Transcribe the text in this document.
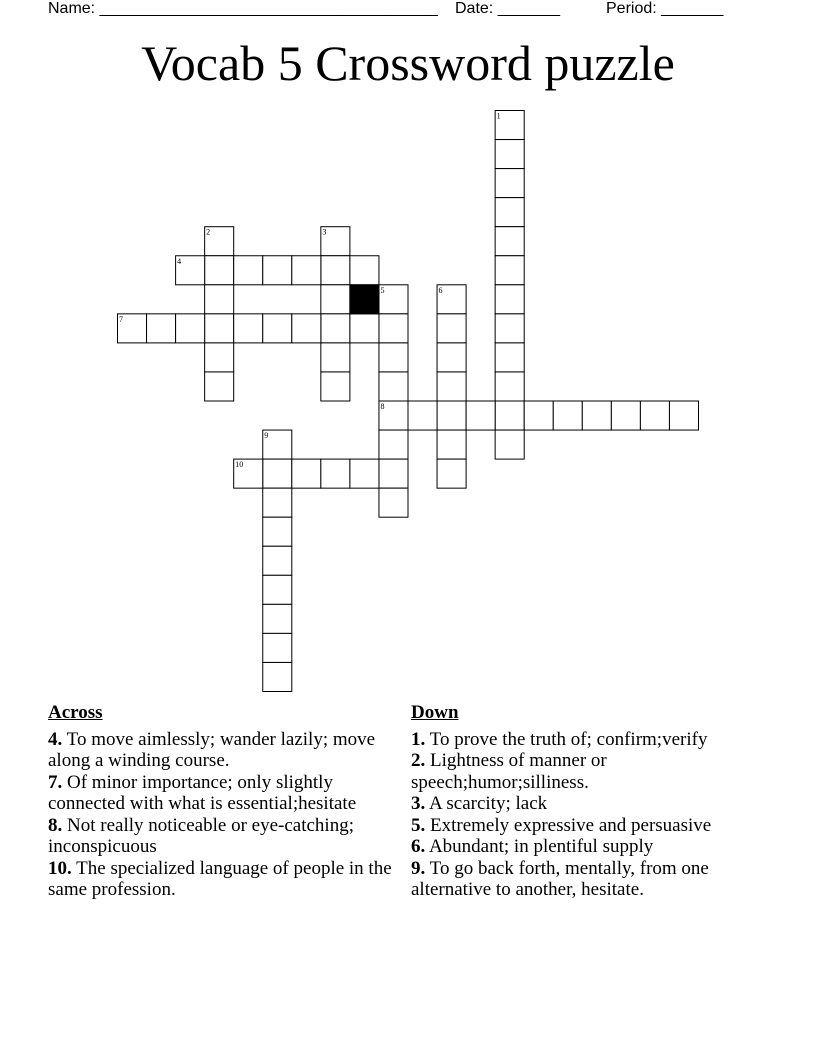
Name: ______________________________________ Date: _______	Period: _______
Vocab 5 Crossword puzzle
1
2	3
4
5	6
7
8
9
10
Across

4. To move aimlessly; wander lazily; move along a winding course.

7. Of minor importance; only slightly connected with what is essential;hesitate

8. Not really noticeable or eye-catching; inconspicuous

10. The specialized language of people in the same profession.

Down

1. To prove the truth of; confirm;verify

2. Lightness of manner or speech;humor;silliness.

3. A scarcity; lack

5. Extremely expressive and persuasive

6. Abundant; in plentiful supply

9. To go back forth, mentally, from one alternative to another, hesitate.
